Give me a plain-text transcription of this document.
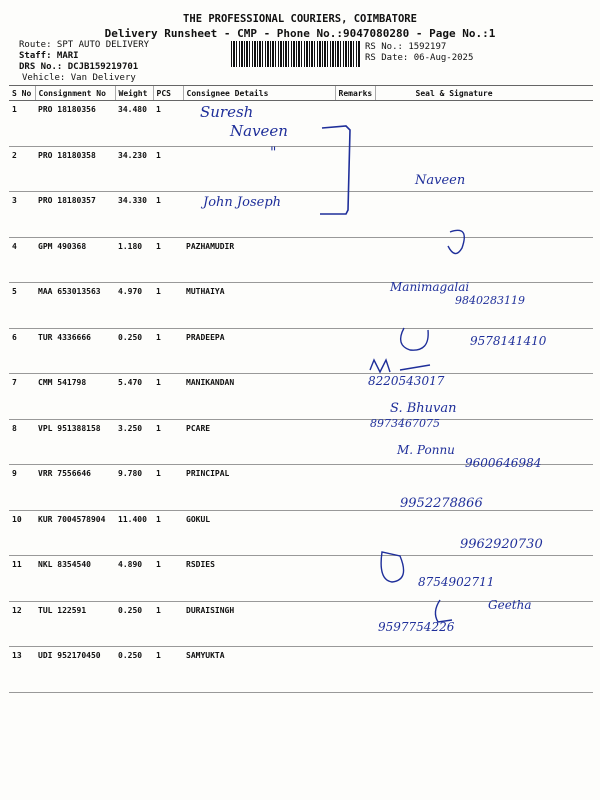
THE PROFESSIONAL COURIERS, COIMBATORE
Delivery Runsheet - CMP - Phone No.:9047080280 - Page No.:1
Route: SPT AUTO DELIVERY
Staff: MARI
DRS No.: DCJB159219701
Vehicle: Van Delivery
RS No.: 1592197
RS Date: 06-Aug-2025
S No	Consignment No	Weight	PCS	Consignee Details	Remarks	Seal & Signature
1	PRO 18180356	34.480	1			
2	PRO 18180358	34.230	1			
3	PRO 18180357	34.330	1			
4	GPM 490368	1.180	1	PAZHAMUDIR		
5	MAA 653013563	4.970	1	MUTHAIYA		
6	TUR 4336666	0.250	1	PRADEEPA		
7	CMM 541798	5.470	1	MANIKANDAN		
8	VPL 951388158	3.250	1	PCARE		
9	VRR 7556646	9.780	1	PRINCIPAL		
10	KUR 7004578904	11.400	1	GOKUL		
11	NKL 8354540	4.890	1	RSDIES		
12	TUL 122591	0.250	1	DURAISINGH		
13	UDI 952170450	0.250	1	SAMYUKTA		
Suresh
Naveen
"
John Joseph
Naveen
Manimagalai
9840283119
9578141410
8220543017
S. Bhuvan
8973467075
M. Ponnu
9600646984
9952278866
9962920730
8754902711
Geetha
9597754226
